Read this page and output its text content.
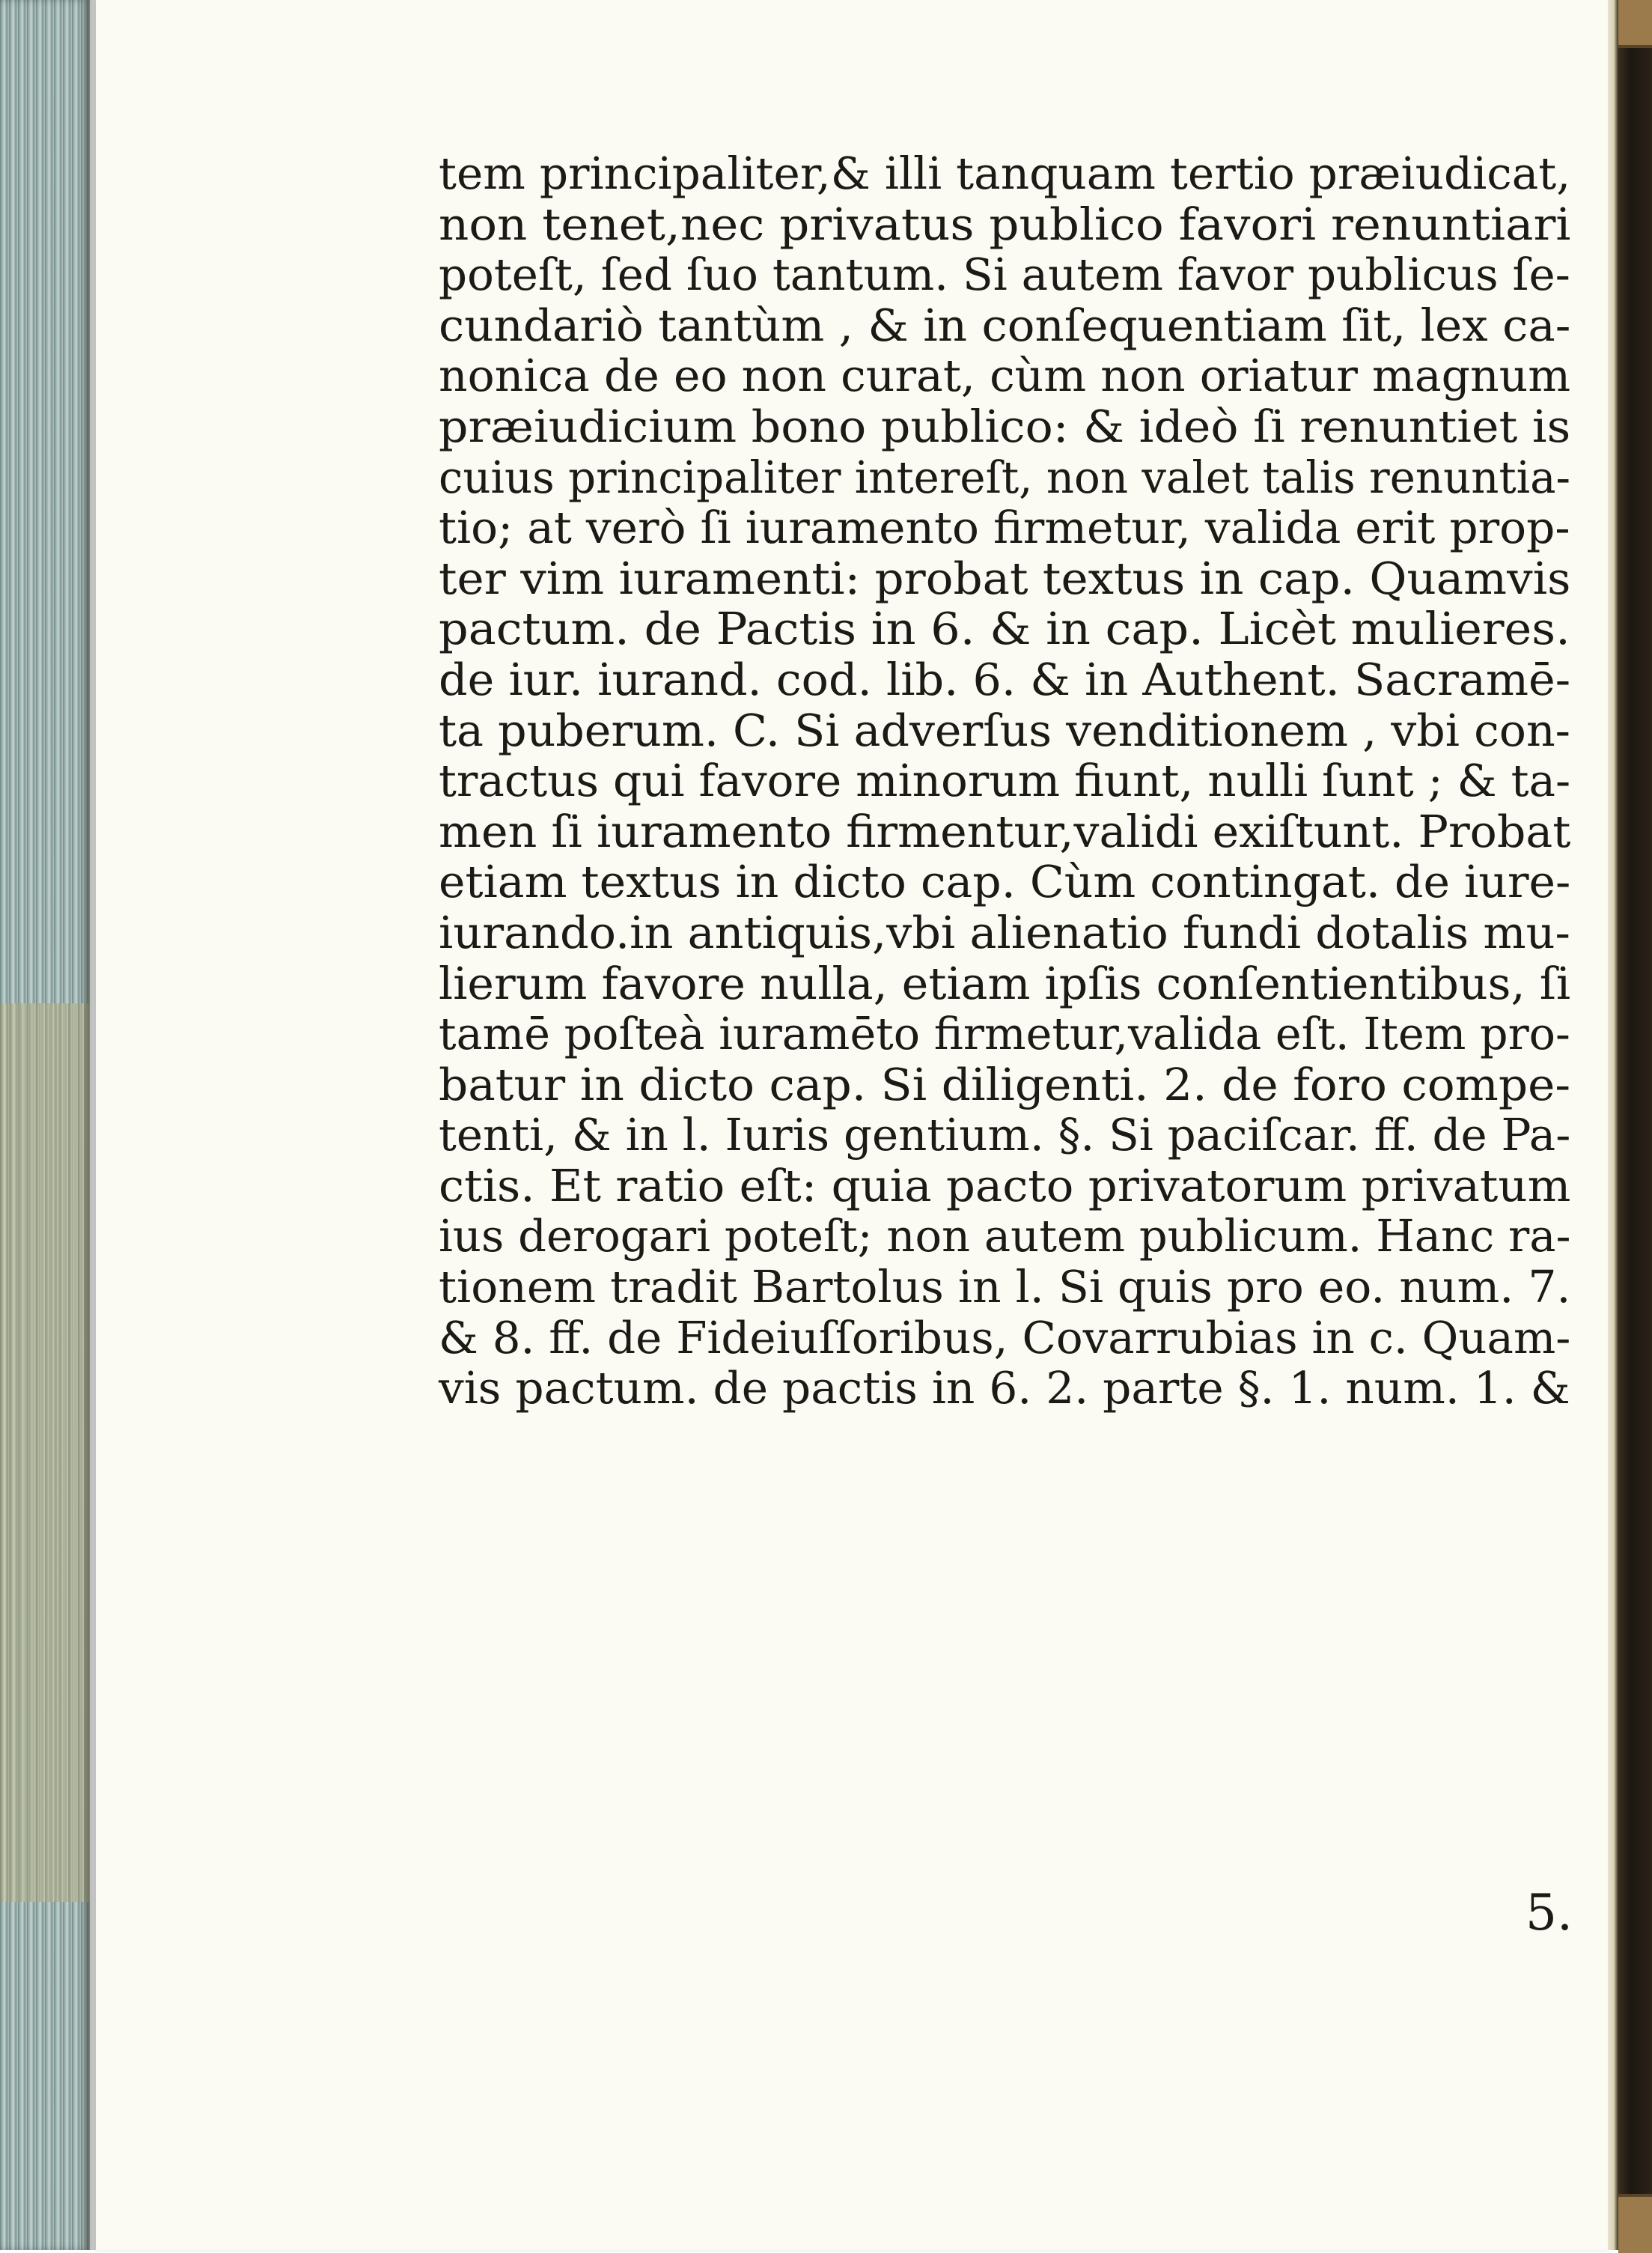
tem principaliter,& illi tanquam tertio præiudicat,
non tenet,nec privatus publico favori renuntiari
poteſt, ſed ſuo tantum. Si autem favor publicus ſe-
cundariò tantùm , & in conſequentiam ſit, lex ca-
nonica de eo non curat, cùm non oriatur magnum
præiudicium bono publico: & ideò ſi renuntiet is
cuius principaliter intereſt, non valet talis renuntia-
tio; at verò ſi iuramento firmetur, valida erit prop-
ter vim iuramenti: probat textus in cap. Quamvis
pactum. de Pactis in 6. & in cap. Licèt mulieres.
de iur. iurand. cod. lib. 6. & in Authent. Sacramē-
ta puberum. C. Si adverſus venditionem , vbi con-
tractus qui favore minorum fiunt, nulli ſunt ; & ta-
men ſi iuramento firmentur,validi exiſtunt. Probat
etiam textus in dicto cap. Cùm contingat. de iure-
iurando.in antiquis,vbi alienatio fundi dotalis mu-
lierum favore nulla, etiam ipſis conſentientibus, ſi
tamē poſteà iuramēto firmetur,valida eſt. Item pro-
batur in dicto cap. Si diligenti. 2. de foro compe-
tenti, & in l. Iuris gentium. §. Si paciſcar. ff. de Pa-
ctis. Et ratio eſt: quia pacto privatorum privatum
ius derogari poteſt; non autem publicum. Hanc ra-
tionem tradit Bartolus in l. Si quis pro eo. num. 7.
& 8. ff. de Fideiuſſoribus, Covarrubias in c. Quam-
vis pactum. de pactis in 6. 2. parte §. 1. num. 1. &
5.
